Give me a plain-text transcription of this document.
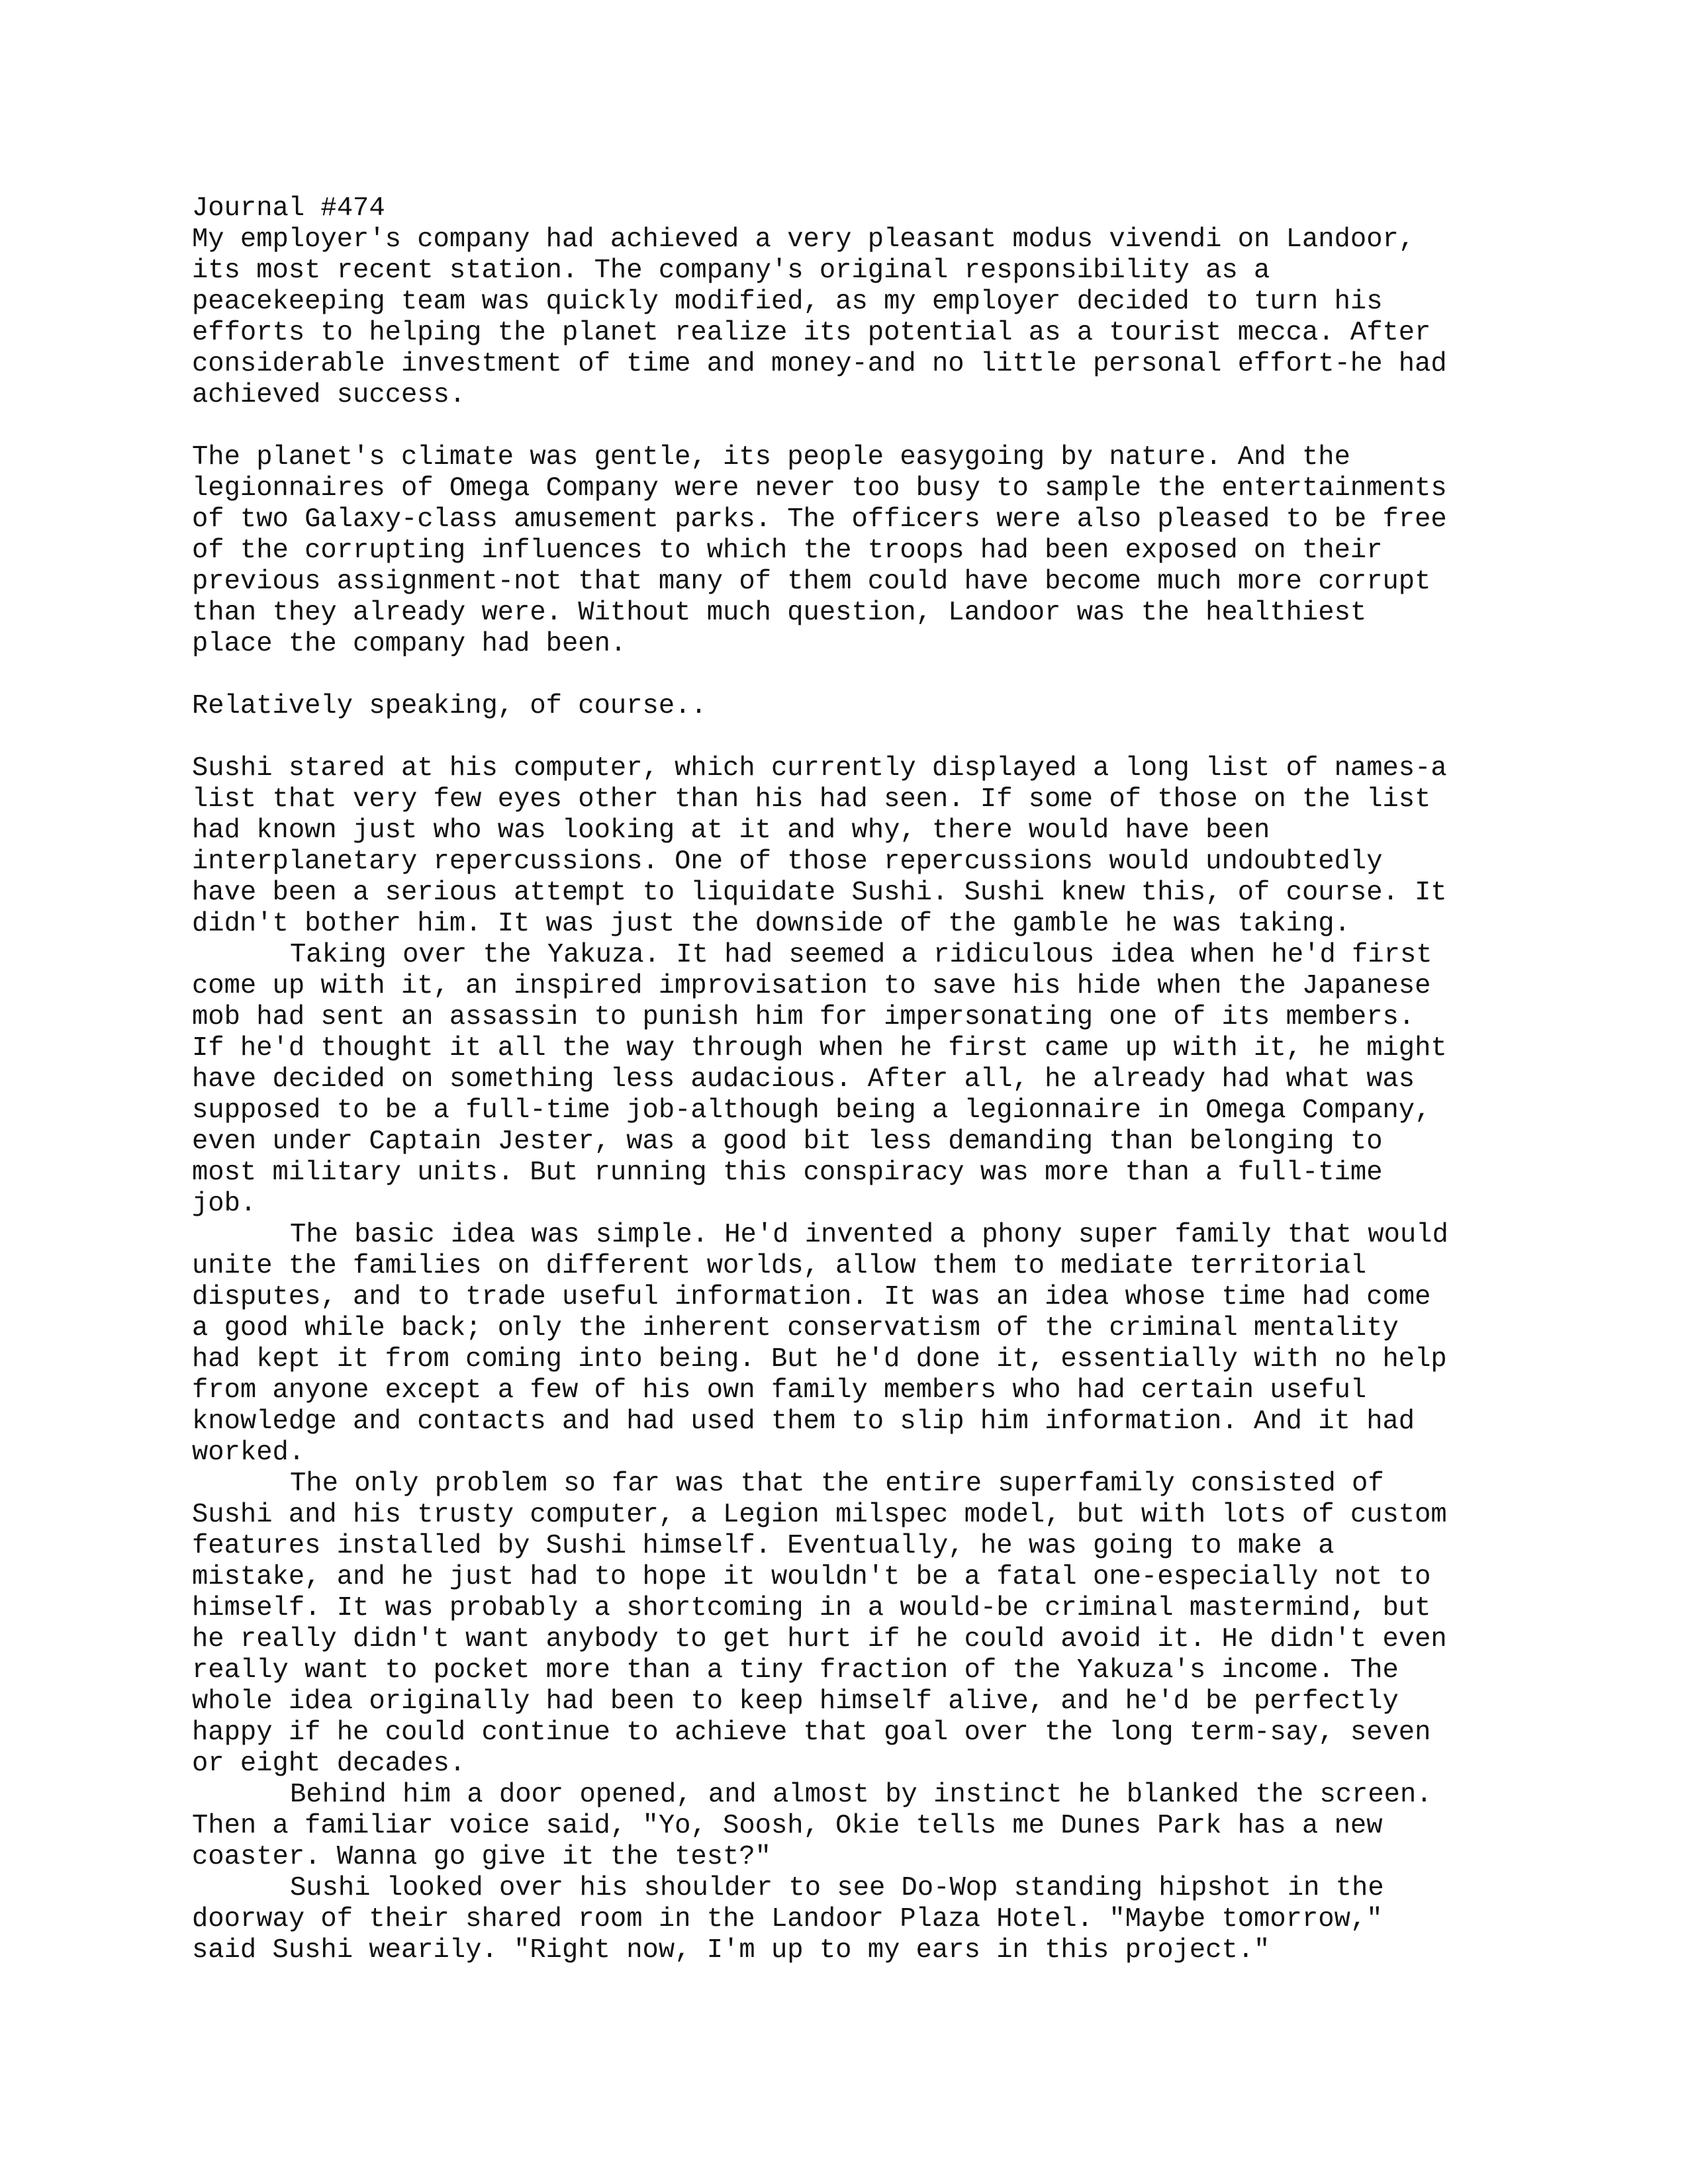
Journal #474
My employer's company had achieved a very pleasant modus vivendi on Landoor,
its most recent station. The company's original responsibility as a
peacekeeping team was quickly modified, as my employer decided to turn his
efforts to helping the planet realize its potential as a tourist mecca. After
considerable investment of time and money-and no little personal effort-he had
achieved success.
The planet's climate was gentle, its people easygoing by nature. And the
legionnaires of Omega Company were never too busy to sample the entertainments
of two Galaxy-class amusement parks. The officers were also pleased to be free
of the corrupting influences to which the troops had been exposed on their
previous assignment-not that many of them could have become much more corrupt
than they already were. Without much question, Landoor was the healthiest
place the company had been.
Relatively speaking, of course..
Sushi stared at his computer, which currently displayed a long list of names-a
list that very few eyes other than his had seen. If some of those on the list
had known just who was looking at it and why, there would have been
interplanetary repercussions. One of those repercussions would undoubtedly
have been a serious attempt to liquidate Sushi. Sushi knew this, of course. It
didn't bother him. It was just the downside of the gamble he was taking.
Taking over the Yakuza. It had seemed a ridiculous idea when he'd first
come up with it, an inspired improvisation to save his hide when the Japanese
mob had sent an assassin to punish him for impersonating one of its members.
If he'd thought it all the way through when he first came up with it, he might
have decided on something less audacious. After all, he already had what was
supposed to be a full-time job-although being a legionnaire in Omega Company,
even under Captain Jester, was a good bit less demanding than belonging to
most military units. But running this conspiracy was more than a full-time
job.
The basic idea was simple. He'd invented a phony super family that would
unite the families on different worlds, allow them to mediate territorial
disputes, and to trade useful information. It was an idea whose time had come
a good while back; only the inherent conservatism of the criminal mentality
had kept it from coming into being. But he'd done it, essentially with no help
from anyone except a few of his own family members who had certain useful
knowledge and contacts and had used them to slip him information. And it had
worked.
The only problem so far was that the entire superfamily consisted of
Sushi and his trusty computer, a Legion milspec model, but with lots of custom
features installed by Sushi himself. Eventually, he was going to make a
mistake, and he just had to hope it wouldn't be a fatal one-especially not to
himself. It was probably a shortcoming in a would-be criminal mastermind, but
he really didn't want anybody to get hurt if he could avoid it. He didn't even
really want to pocket more than a tiny fraction of the Yakuza's income. The
whole idea originally had been to keep himself alive, and he'd be perfectly
happy if he could continue to achieve that goal over the long term-say, seven
or eight decades.
Behind him a door opened, and almost by instinct he blanked the screen.
Then a familiar voice said, "Yo, Soosh, Okie tells me Dunes Park has a new
coaster. Wanna go give it the test?"
Sushi looked over his shoulder to see Do-Wop standing hipshot in the
doorway of their shared room in the Landoor Plaza Hotel. "Maybe tomorrow,"
said Sushi wearily. "Right now, I'm up to my ears in this project."
